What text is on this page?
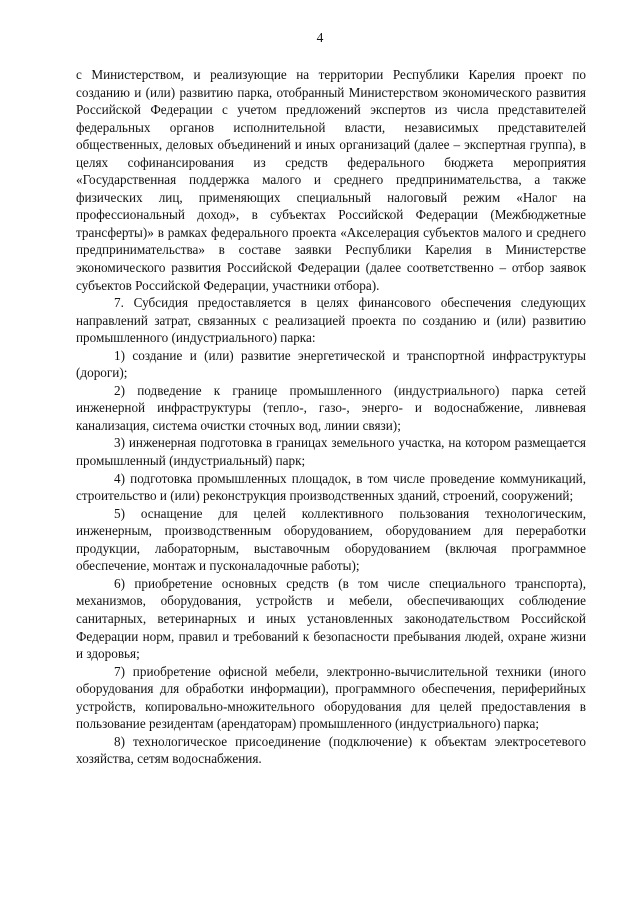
4

с Министерством, и реализующие на территории Республики Карелия проект по созданию и (или) развитию парка, отобранный Министерством экономического развития Российской Федерации с учетом предложений экспертов из числа представителей федеральных органов исполнительной власти, независимых представителей общественных, деловых объединений и иных организаций (далее – экспертная группа), в целях софинансирования из средств федерального бюджета мероприятия «Государственная поддержка малого и среднего предпринимательства, а также физических лиц, применяющих специальный налоговый режим «Налог на профессиональный доход», в субъектах Российской Федерации (Межбюджетные трансферты)» в рамках федерального проекта «Акселерация субъектов малого и среднего предпринимательства» в составе заявки Республики Карелия в Министерстве экономического развития Российской Федерации (далее соответственно – отбор заявок субъектов Российской Федерации, участники отбора).

7. Субсидия предоставляется в целях финансового обеспечения следующих направлений затрат, связанных с реализацией проекта по созданию и (или) развитию промышленного (индустриального) парка:

1) создание и (или) развитие энергетической и транспортной инфраструктуры (дороги);

2) подведение к границе промышленного (индустриального) парка сетей инженерной инфраструктуры (тепло-, газо-, энерго- и водоснабжение, ливневая канализация, система очистки сточных вод, линии связи);

3) инженерная подготовка в границах земельного участка, на котором размещается промышленный (индустриальный) парк;

4) подготовка промышленных площадок, в том числе проведение коммуникаций, строительство и (или) реконструкция производственных зданий, строений, сооружений;

5) оснащение для целей коллективного пользования технологическим, инженерным, производственным оборудованием, оборудованием для переработки продукции, лабораторным, выставочным оборудованием (включая программное обеспечение, монтаж и пусконаладочные работы);

6) приобретение основных средств (в том числе специального транспорта), механизмов, оборудования, устройств и мебели, обеспечивающих соблюдение санитарных, ветеринарных и иных установленных законодательством Российской Федерации норм, правил и требований к безопасности пребывания людей, охране жизни и здоровья;

7) приобретение офисной мебели, электронно-вычислительной техники (иного оборудования для обработки информации), программного обеспечения, периферийных устройств, копировально-множительного оборудования для целей предоставления в пользование резидентам (арендаторам) промышленного (индустриального) парка;

8) технологическое присоединение (подключение) к объектам электросетевого хозяйства, сетям водоснабжения.
